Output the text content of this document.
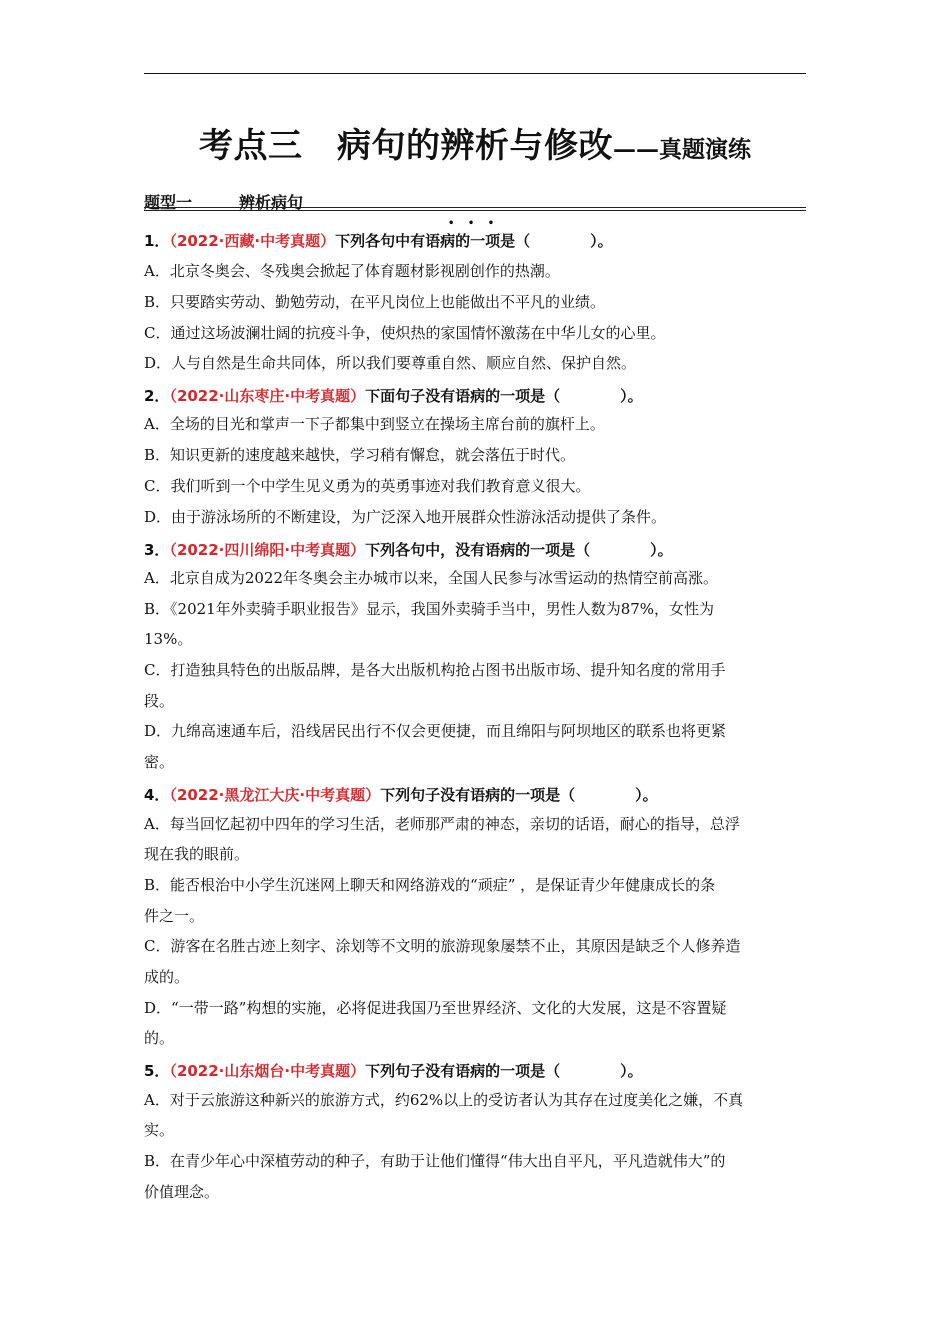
考点三　病句的辨析与修改——真题演练
题型一	辨析病句
• • •
1．（2022·西藏·中考真题）下列各句中有语病的一项是（　　　　）。
A．北京冬奥会、冬残奥会掀起了体育题材影视剧创作的热潮。
B．只要踏实劳动、勤勉劳动，在平凡岗位上也能做出不平凡的业绩。
C．通过这场波澜壮阔的抗疫斗争，使炽热的家国情怀激荡在中华儿女的心里。
D．人与自然是生命共同体，所以我们要尊重自然、顺应自然、保护自然。
2．（2022·山东枣庄·中考真题）下面句子没有语病的一项是（　　　　）。
A．全场的目光和掌声一下子都集中到竖立在操场主席台前的旗杆上。
B．知识更新的速度越来越快，学习稍有懈怠，就会落伍于时代。
C．我们听到一个中学生见义勇为的英勇事迹对我们教育意义很大。
D．由于游泳场所的不断建设，为广泛深入地开展群众性游泳活动提供了条件。
3．（2022·四川绵阳·中考真题）下列各句中，没有语病的一项是（　　　　）。
A．北京自成为2022年冬奥会主办城市以来，全国人民参与冰雪运动的热情空前高涨。
B．《2021年外卖骑手职业报告》显示，我国外卖骑手当中，男性人数为87%，女性为
13%。
C．打造独具特色的出版品牌，是各大出版机构抢占图书出版市场、提升知名度的常用手
段。
D．九绵高速通车后，沿线居民出行不仅会更便捷，而且绵阳与阿坝地区的联系也将更紧
密。
4．（2022·黑龙江大庆·中考真题）下列句子没有语病的一项是（　　　　）。
A．每当回忆起初中四年的学习生活，老师那严肃的神态，亲切的话语，耐心的指导，总浮
现在我的眼前。
B．能否根治中小学生沉迷网上聊天和网络游戏的“顽症” ，是保证青少年健康成长的条
件之一。
C．游客在名胜古迹上刻字、涂划等不文明的旅游现象屡禁不止，其原因是缺乏个人修养造
成的。
D．“一带一路”构想的实施，必将促进我国乃至世界经济、文化的大发展，这是不容置疑
的。
5．（2022·山东烟台·中考真题）下列句子没有语病的一项是（　　　　）。
A．对于云旅游这种新兴的旅游方式，约62%以上的受访者认为其存在过度美化之嫌，不真
实。
B．在青少年心中深植劳动的种子，有助于让他们懂得“伟大出自平凡，平凡造就伟大”的
价值理念。
